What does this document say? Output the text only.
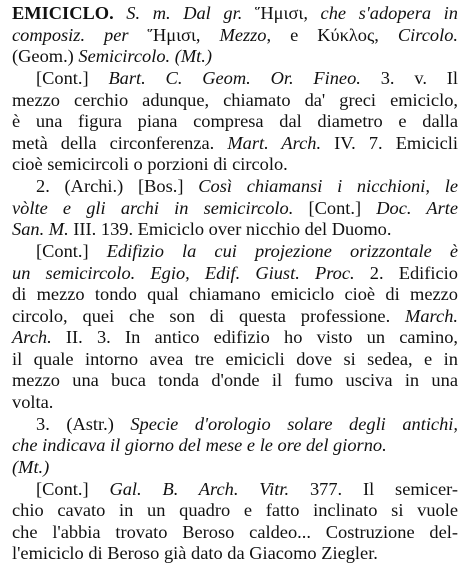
EMICICLO. S. m. Dal gr. Ἥμισι, che s'adopera in
composiz. per Ἥμισι, Mezzo, e Κύκλος, Circolo.
(Geom.) Semicircolo. (Mt.)
[Cont.] Bart. C. Geom. Or. Fineo. 3. v. Il
mezzo cerchio adunque, chiamato da' greci emiciclo,
è una figura piana compresa dal diametro e dalla
metà della circonferenza. Mart. Arch. IV. 7. Emicicli
cioè semicircoli o porzioni di circolo.
2. (Archi.) [Bos.] Così chiamansi i nicchioni, le
vòlte e gli archi in semicircolo. [Cont.] Doc. Arte
San. M. III. 139. Emiciclo over nicchio del Duomo.
[Cont.] Edifizio la cui projezione orizzontale è
un semicircolo. Egio, Edif. Giust. Proc. 2. Edificio
di mezzo tondo qual chiamano emiciclo cioè di mezzo
circolo, quei che son di questa professione. March.
Arch. II. 3. In antico edifizio ho visto un camino,
il quale intorno avea tre emicicli dove si sedea, e in
mezzo una buca tonda d'onde il fumo usciva in una
volta.
3. (Astr.) Specie d'orologio solare degli antichi,
che indicava il giorno del mese e le ore del giorno.
(Mt.)
[Cont.] Gal. B. Arch. Vitr. 377. Il semicer-
chio cavato in un quadro e fatto inclinato si vuole
che l'abbia trovato Beroso caldeo... Costruzione del-
l'emiciclo di Beroso già dato da Giacomo Ziegler.
